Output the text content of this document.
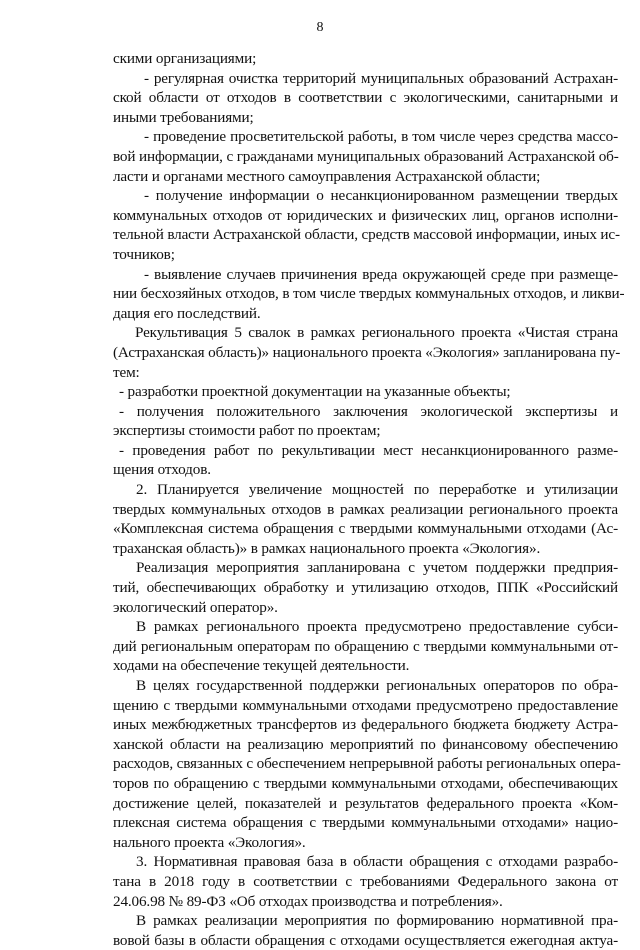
8
скими организациями;
- регулярная очистка территорий муниципальных образований Астрахан-
ской области от отходов в соответствии с экологическими, санитарными и
иными требованиями;
- проведение просветительской работы, в том числе через средства массо-
вой информации, с гражданами муниципальных образований Астраханской об-
ласти и органами местного самоуправления Астраханской области;
- получение информации о несанкционированном размещении твердых
коммунальных отходов от юридических и физических лиц, органов исполни-
тельной власти Астраханской области, средств массовой информации, иных ис-
точников;
- выявление случаев причинения вреда окружающей среде при размеще-
нии бесхозяйных отходов, в том числе твердых коммунальных отходов, и ликви-
дация его последствий.
Рекультивация 5 свалок в рамках регионального проекта «Чистая страна
(Астраханская область)» национального проекта «Экология» запланирована пу-
тем:
- разработки проектной документации на указанные объекты;
- получения положительного заключения экологической экспертизы и
экспертизы стоимости работ по проектам;
- проведения работ по рекультивации мест несанкционированного разме-
щения отходов.
2. Планируется увеличение мощностей по переработке и утилизации
твердых коммунальных отходов в рамках реализации регионального проекта
«Комплексная система обращения с твердыми коммунальными отходами (Ас-
траханская область)» в рамках национального проекта «Экология».
Реализация мероприятия запланирована с учетом поддержки предприя-
тий, обеспечивающих обработку и утилизацию отходов, ППК «Российский
экологический оператор».
В рамках регионального проекта предусмотрено предоставление субси-
дий региональным операторам по обращению с твердыми коммунальными от-
ходами на обеспечение текущей деятельности.
В целях государственной поддержки региональных операторов по обра-
щению с твердыми коммунальными отходами предусмотрено предоставление
иных межбюджетных трансфертов из федерального бюджета бюджету Астра-
ханской области на реализацию мероприятий по финансовому обеспечению
расходов, связанных с обеспечением непрерывной работы региональных опера-
торов по обращению с твердыми коммунальными отходами, обеспечивающих
достижение целей, показателей и результатов федерального проекта «Ком-
плексная система обращения с твердыми коммунальными отходами» нацио-
нального проекта «Экология».
3. Нормативная правовая база в области обращения с отходами разрабо-
тана в 2018 году в соответствии с требованиями Федерального закона от
24.06.98 № 89-ФЗ «Об отходах производства и потребления».
В рамках реализации мероприятия по формированию нормативной пра-
вовой базы в области обращения с отходами осуществляется ежегодная актуа-
